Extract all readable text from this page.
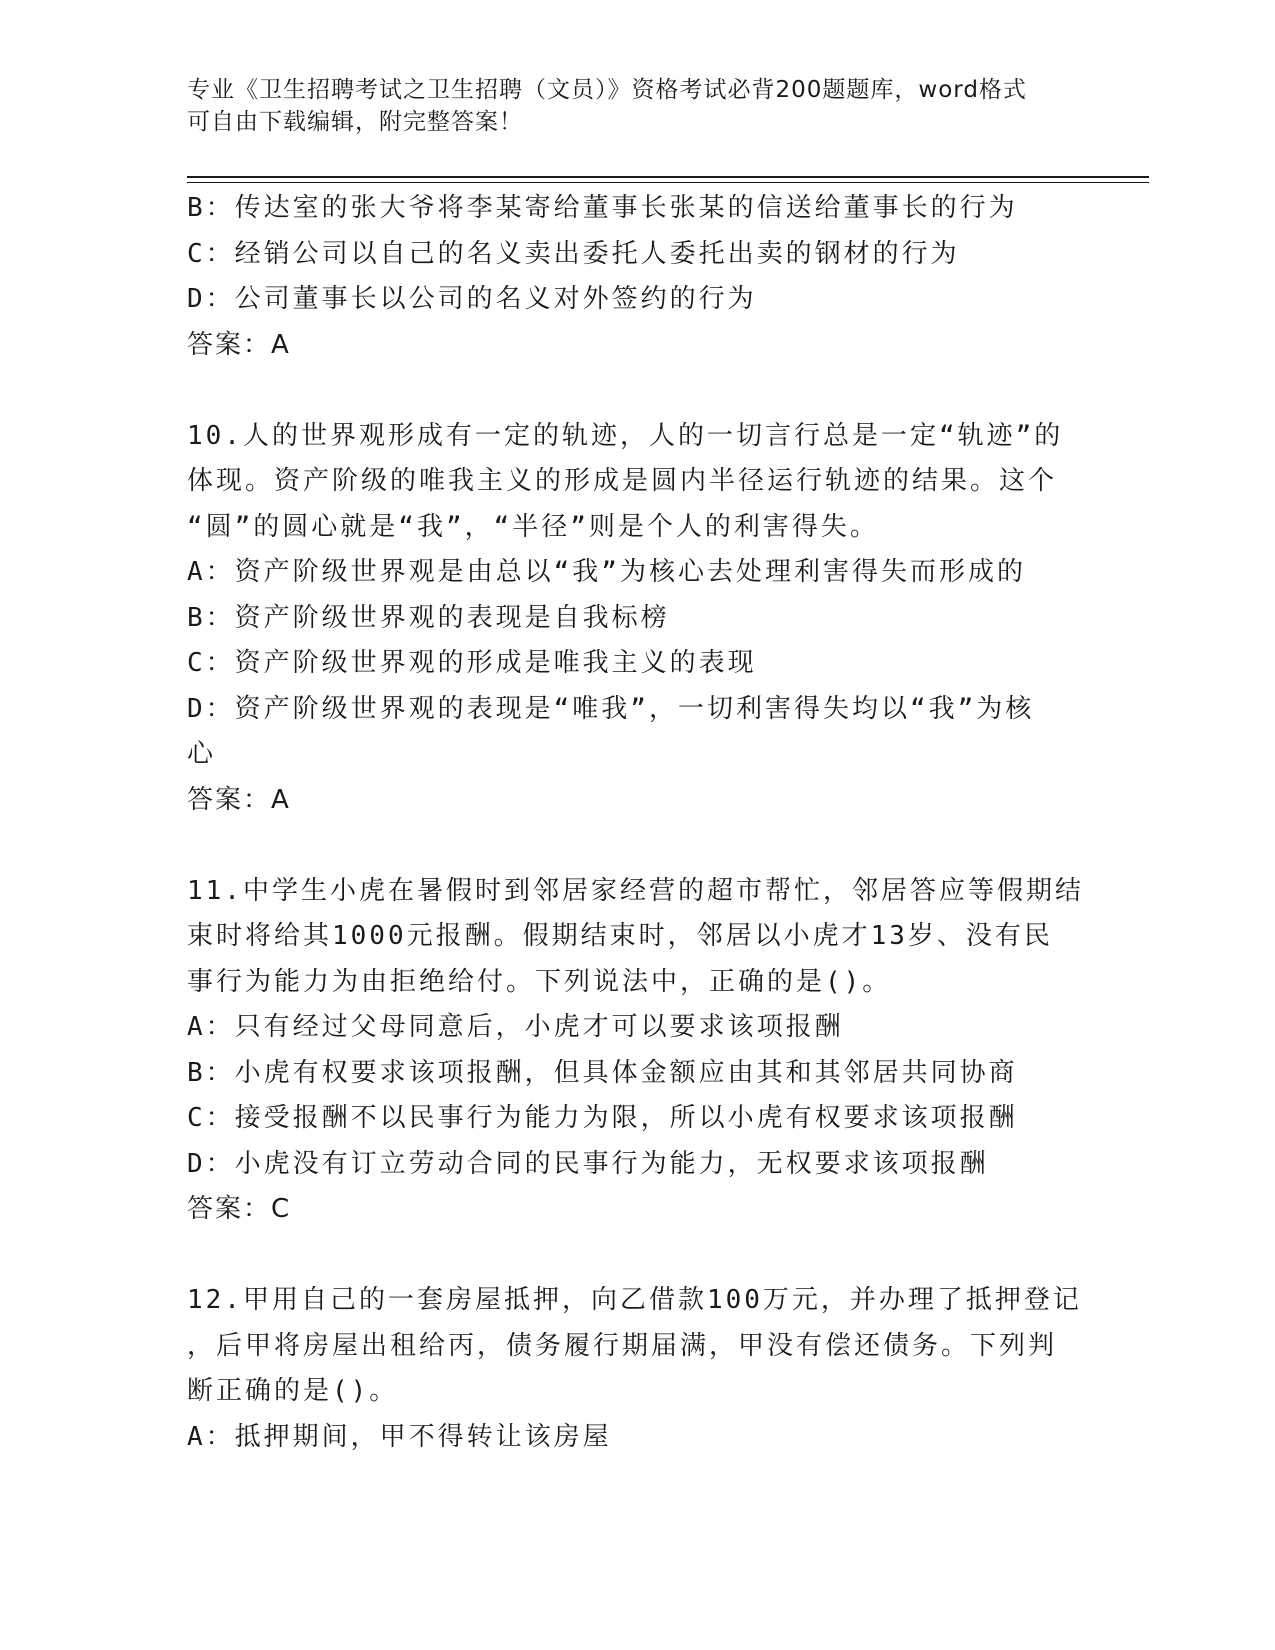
专业《卫生招聘考试之卫生招聘（文员）》资格考试必背200题题库，word格式
可自由下载编辑，附完整答案！
B：传达室的张大爷将李某寄给董事长张某的信送给董事长的行为
C：经销公司以自己的名义卖出委托人委托出卖的钢材的行为
D：公司董事长以公司的名义对外签约的行为
答案：A
10.人的世界观形成有一定的轨迹，人的一切言行总是一定“轨迹”的
体现。资产阶级的唯我主义的形成是圆内半径运行轨迹的结果。这个
“圆”的圆心就是“我”，“半径”则是个人的利害得失。
A：资产阶级世界观是由总以“我”为核心去处理利害得失而形成的
B：资产阶级世界观的表现是自我标榜
C：资产阶级世界观的形成是唯我主义的表现
D：资产阶级世界观的表现是“唯我”，一切利害得失均以“我”为核
心
答案：A
11.中学生小虎在暑假时到邻居家经营的超市帮忙，邻居答应等假期结
束时将给其1000元报酬。假期结束时，邻居以小虎才13岁、没有民
事行为能力为由拒绝给付。下列说法中，正确的是()。
A：只有经过父母同意后，小虎才可以要求该项报酬
B：小虎有权要求该项报酬，但具体金额应由其和其邻居共同协商
C：接受报酬不以民事行为能力为限，所以小虎有权要求该项报酬
D：小虎没有订立劳动合同的民事行为能力，无权要求该项报酬
答案：C
12.甲用自己的一套房屋抵押，向乙借款100万元，并办理了抵押登记
，后甲将房屋出租给丙，债务履行期届满，甲没有偿还债务。下列判
断正确的是()。
A：抵押期间，甲不得转让该房屋
